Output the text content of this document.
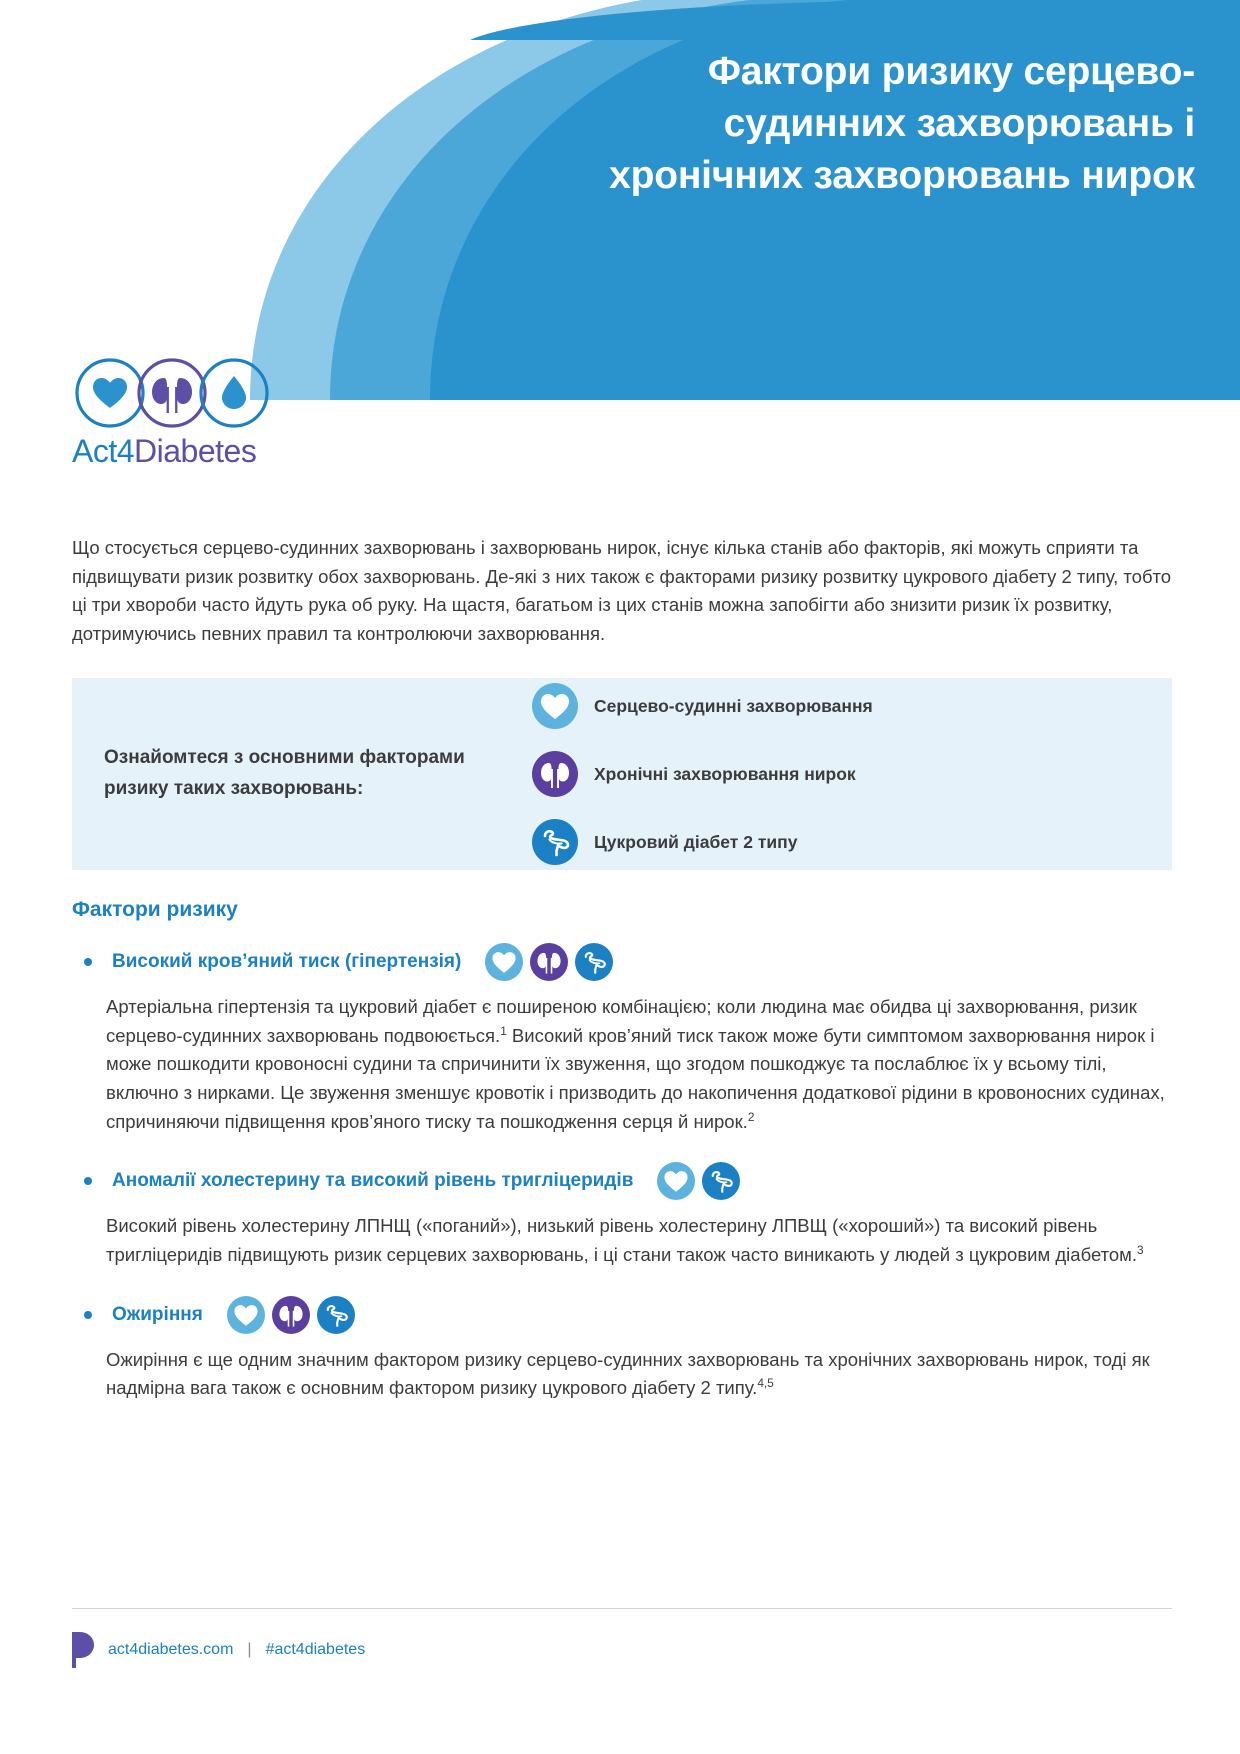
Фактори ризику серцево-судинних захворювань і хронічних захворювань нирок
Act4Diabetes
Що стосується серцево-судинних захворювань і захворювань нирок, існує кілька станів або факторів, які можуть сприяти та підвищувати ризик розвитку обох захворювань. Де-які з них також є факторами ризику розвитку цукрового діабету 2 типу, тобто ці три хвороби часто йдуть рука об руку. На щастя, багатьом із цих станів можна запобігти або знизити ризик їх розвитку, дотримуючись певних правил та контролюючи захворювання.
Ознайомтеся з основними факторами ризику таких захворювань:
Серцево-судинні захворювання
Хронічні захворювання нирок
Цукровий діабет 2 типу
Фактори ризику
Високий кров’яний тиск (гіпертензія)
Артеріальна гіпертензія та цукровий діабет є поширеною комбінацією; коли людина має обидва ці захворювання, ризик серцево-судинних захворювань подвоюється.$^1$ Високий кров’яний тиск також може бути симптомом захворювання нирок і може пошкодити кровоносні судини та спричинити їх звуження, що згодом пошкоджує та послаблює їх у всьому тілі, включно з нирками. Це звуження зменшує кровотік і призводить до накопичення додаткової рідини в кровоносних судинах, спричиняючи підвищення кров’яного тиску та пошкодження серця й нирок.$^2$
Аномалії холестерину та високий рівень тригліцеридів
Високий рівень холестерину ЛПНЩ («поганий»), низький рівень холестерину ЛПВЩ («хороший») та високий рівень тригліцеридів підвищують ризик серцевих захворювань, і ці стани також часто виникають у людей з цукровим діабетом.$^3$
Ожиріння
Ожиріння є ще одним значним фактором ризику серцево-судинних захворювань та хронічних захворювань нирок, тоді як надмірна вага також є основним фактором ризику цукрового діабету 2 типу.$^{4,5}$
act4diabetes.com | #act4diabetes
